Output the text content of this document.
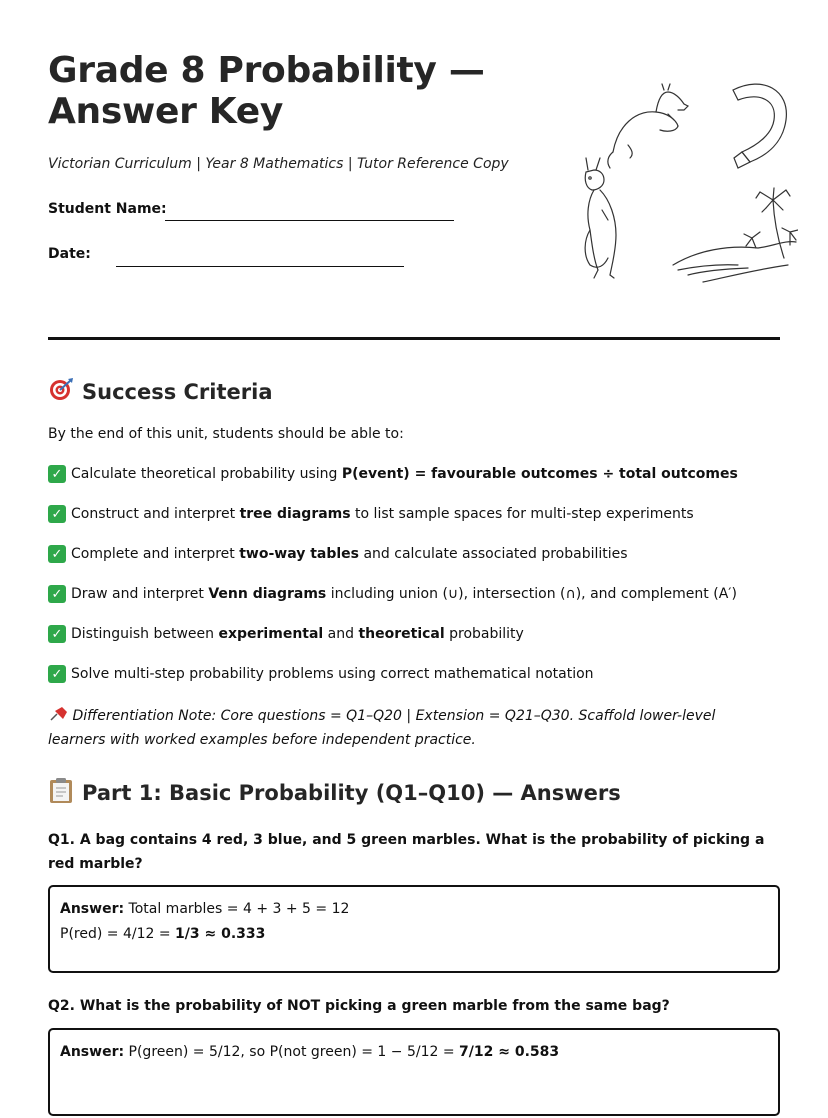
Grade 8 Probability —
Answer Key
Victorian Curriculum | Year 8 Mathematics | Tutor Reference Copy
Student Name:
Date:
Success Criteria
By the end of this unit, students should be able to:
✓ Calculate theoretical probability using P(event) = favourable outcomes ÷ total outcomes
✓ Construct and interpret tree diagrams to list sample spaces for multi-step experiments
✓ Complete and interpret two-way tables and calculate associated probabilities
✓ Draw and interpret Venn diagrams including union (∪), intersection (∩), and complement (A′)
✓ Distinguish between experimental and theoretical probability
✓ Solve multi-step probability problems using correct mathematical notation
Differentiation Note: Core questions = Q1–Q20 | Extension = Q21–Q30. Scaffold lower-level learners with worked examples before independent practice.
Part 1: Basic Probability (Q1–Q10) — Answers
Q1. A bag contains 4 red, 3 blue, and 5 green marbles. What is the probability of picking a red marble?
Answer: Total marbles = 4 + 3 + 5 = 12
P(red) = 4/12 = 1/3 ≈ 0.333
Q2. What is the probability of NOT picking a green marble from the same bag?
Answer: P(green) = 5/12, so P(not green) = 1 − 5/12 = 7/12 ≈ 0.583
